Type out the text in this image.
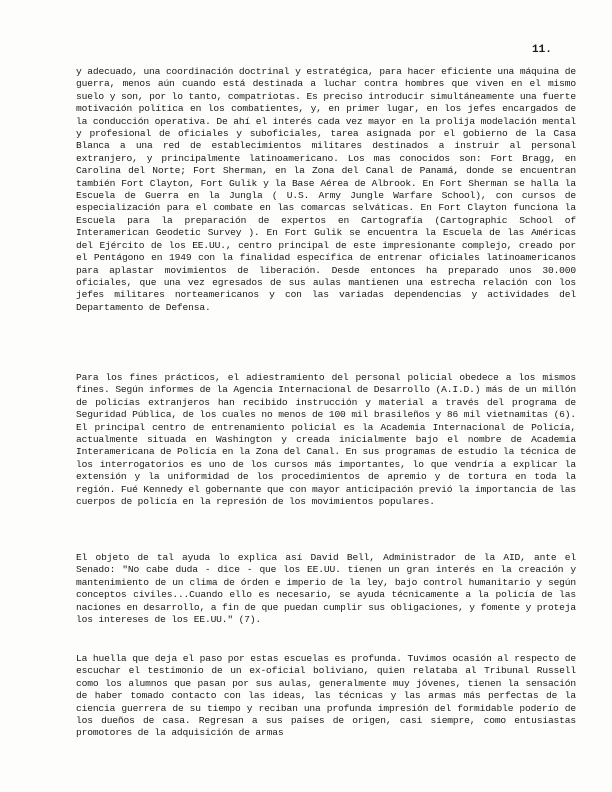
11.

y adecuado, una coordinación doctrinal y estratégica, para hacer eficiente una máquina de guerra, menos aún cuando está destinada a luchar contra hombres que viven en el mismo suelo y son, por lo tanto, compatriotas. Es preciso introducir simultáneamente una fuerte motivación política en los combatientes, y, en primer lugar, en los jefes encargados de la conducción operativa. De ahí el interés cada vez mayor en la prolija modelación mental y profesional de oficiales y suboficiales, tarea asignada por el gobierno de la Casa Blanca a una red de establecimientos militares destinados a instruir al personal extranjero, y principalmente latinoamericano. Los mas conocidos son: Fort Bragg, en Carolina del Norte; Fort Sherman, en la Zona del Canal de Panamá, donde se encuentran también Fort Clayton, Fort Gulik y la Base Aérea de Albrook. En Fort Sherman se halla la Escuela de Guerra en la Jungla ( U.S. Army Jungle Warfare School), con cursos de especialización para el combate en las comarcas selváticas. En Fort Clayton funciona la Escuela para la preparación de expertos en Cartografía (Cartographic School of Interamerican Geodetic Survey ). En Fort Gulik se encuentra la Escuela de las Américas del Ejército de los EE.UU., centro principal de este impresionante complejo, creado por el Pentágono en 1949 con la finalidad específica de entrenar oficiales latinoamericanos para aplastar movimientos de liberación. Desde entonces ha preparado unos 30.000 oficiales, que una vez egresados de sus aulas mantienen una estrecha relación con los jefes militares norteamericanos y con las variadas dependencias y actividades del Departamento de Defensa.

Para los fines prácticos, el adiestramiento del personal policial obedece a los mismos fines. Según informes de la Agencia Internacional de Desarrollo (A.I.D.) más de un millón de policías extranjeros han recibido instrucción y material a través del programa de Seguridad Pública, de los cuales no menos de 100 mil brasileños y 86 mil vietnamitas (6). El principal centro de entrenamiento policial es la Academia Internacional de Policía, actualmente situada en Washington y creada inicialmente bajo el nombre de Academia Interamericana de Policía en la Zona del Canal. En sus programas de estudio la técnica de los interrogatorios es uno de los cursos más importantes, lo que vendría a explicar la extensión y la uniformidad de los procedimientos de apremio y de tortura en toda la región. Fué Kennedy el gobernante que con mayor anticipación previó la importancia de las cuerpos de policía en la represión de los movimientos populares.

El objeto de tal ayuda lo explica así David Bell, Administrador de la AID, ante el Senado: "No cabe duda - dice - que los EE.UU. tienen un gran interés en la creación y mantenimiento de un clima de órden e imperio de la ley, bajo control humanitario y según conceptos civiles...Cuando ello es necesario, se ayuda técnicamente a la policía de las naciones en desarrollo, a fin de que puedan cumplir sus obligaciones, y fomente y proteja los intereses de los EE.UU." (7).

La huella que deja el paso por estas escuelas es profunda. Tuvimos ocasión al respecto de escuchar el testimonio de un ex-oficial boliviano, quien relataba al Tribunal Russell como los alumnos que pasan por sus aulas, generalmente muy jóvenes, tienen la sensación de haber tomado contacto con las ideas, las técnicas y las armas más perfectas de la ciencia guerrera de su tiempo y reciban una profunda impresión del formidable poderío de los dueños de casa. Regresan a sus países de origen, casi siempre, como entusiastas promotores de la adquisición de armas
